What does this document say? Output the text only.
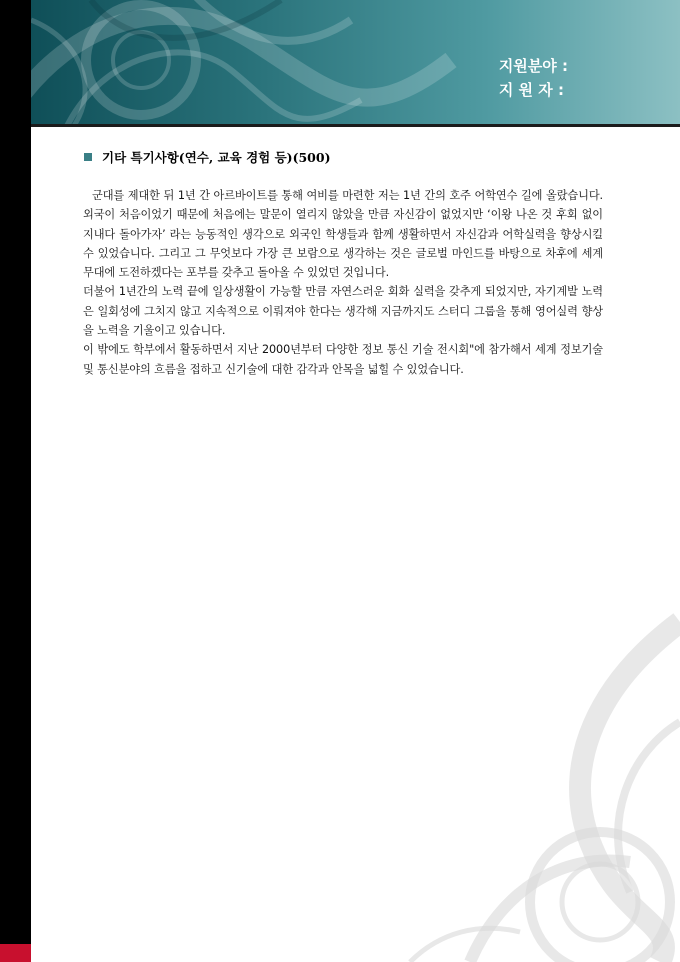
지원분야 :
지 원 자 :
기타 특기사항(연수, 교육 경험 등)(500)

군대를 제대한 뒤 1년 간 아르바이트를 통해 여비를 마련한 저는 1년 간의 호주 어학연수 길에 올랐습니다. 외국이 처음이었기 때문에 처음에는 말문이 열리지 않았을 만큼 자신감이 없었지만 ‘이왕 나온 것 후회 없이 지내다 돌아가자’ 라는 능동적인 생각으로 외국인 학생들과 함께 생활하면서 자신감과 어학실력을 향상시킬 수 있었습니다. 그리고 그 무엇보다 가장 큰 보람으로 생각하는 것은 글로벌 마인드를 바탕으로 차후에 세계 무대에 도전하겠다는 포부를 갖추고 돌아올 수 있었던 것입니다.

더불어 1년간의 노력 끝에 일상생활이 가능할 만큼 자연스러운 회화 실력을 갖추게 되었지만, 자기계발 노력은 일회성에 그치지 않고 지속적으로 이뤄져야 한다는 생각해 지금까지도 스터디 그룹을 통해 영어실력 향상을 노력을 기울이고 있습니다.

이 밖에도 학부에서 활동하면서 지난 2000년부터 다양한 정보 통신 기술 전시회"에 참가해서 세계 정보기술 및 통신분야의 흐름을 접하고 신기술에 대한 감각과 안목을 넓힐 수 있었습니다.
